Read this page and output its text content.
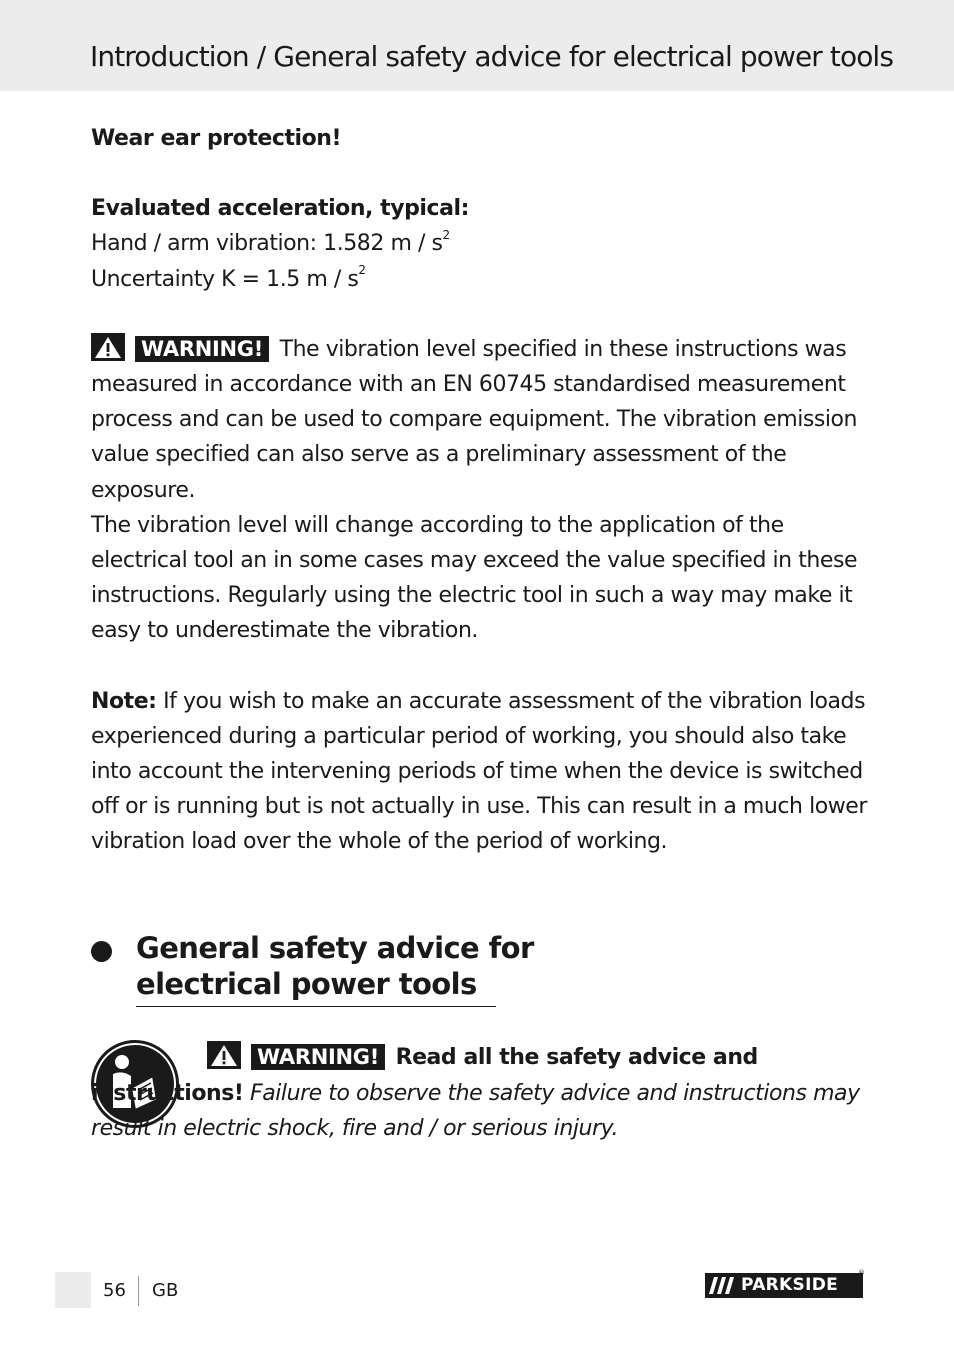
Introduction / General safety advice for electrical power tools

Wear ear protection!

Evaluated acceleration, typical:

Hand / arm vibration: 1.582 m / $s^2$

Uncertainty K = 1.5 m / $s^2$

WARNING! The vibration level specified in these instructions was measured in accordance with an EN 60745 standardised measurement process and can be used to compare equipment. The vibration emission value specified can also serve as a preliminary assessment of the exposure.

The vibration level will change according to the application of the electrical tool an in some cases may exceed the value specified in these instructions. Regularly using the electric tool in such a way may make it easy to underestimate the vibration.

Note: If you wish to make an accurate assessment of the vibration loads experienced during a particular period of working, you should also take into account the intervening periods of time when the device is switched off or is running but is not actually in use. This can result in a much lower vibration load over the whole of the period of working.

General safety advice for
electrical power tools
WARNING! Read all the safety advice and instructions! Failure to observe the safety advice and instructions may result in electric shock, fire and / or serious injury.
56 GB	PARKSIDE
®
